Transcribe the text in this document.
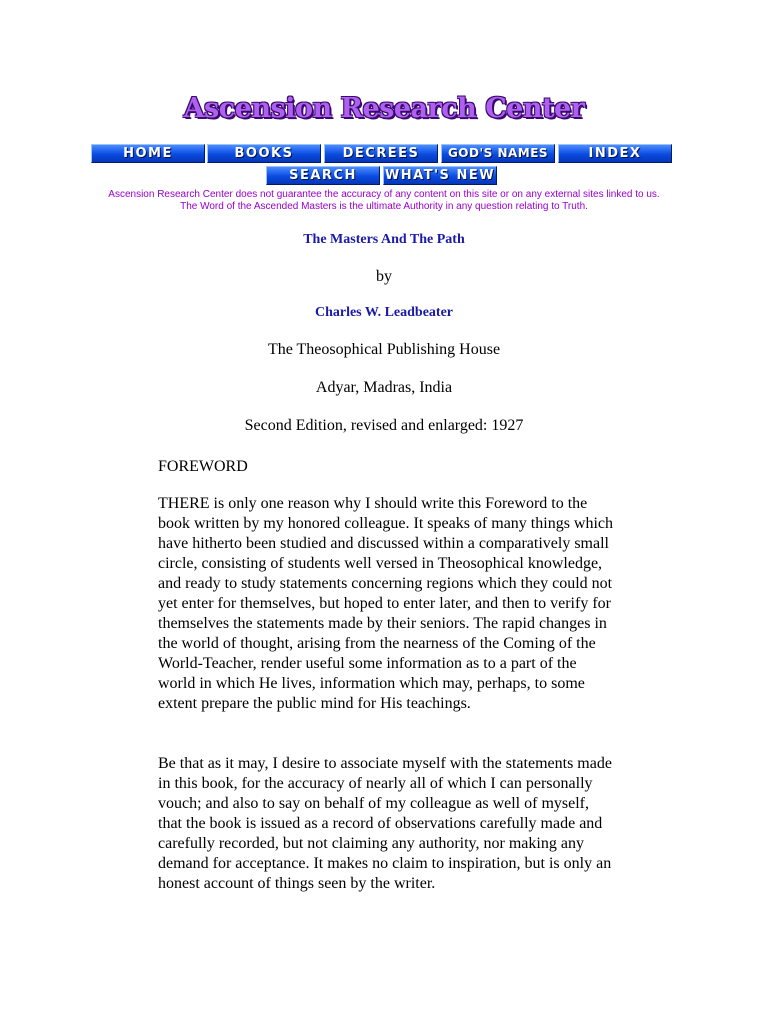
Ascension Research Center
HOME	BOOKS	DECREES	GOD'S NAMES	INDEX
SEARCH	WHAT'S NEW
Ascension Research Center does not guarantee the accuracy of any content on this site or on any external sites linked to us.
The Word of the Ascended Masters is the ultimate Authority in any question relating to Truth.
The Masters And The Path
by
Charles W. Leadbeater
The Theosophical Publishing House
Adyar, Madras, India
Second Edition, revised and enlarged: 1927
FOREWORD
THERE is only one reason why I should write this Foreword to the book written by my honored colleague. It speaks of many things which have hitherto been studied and discussed within a comparatively small circle, consisting of students well versed in Theosophical knowledge, and ready to study statements concerning regions which they could not yet enter for themselves, but hoped to enter later, and then to verify for themselves the statements made by their seniors. The rapid changes in the world of thought, arising from the nearness of the Coming of the World-Teacher, render useful some information as to a part of the world in which He lives, information which may, perhaps, to some extent prepare the public mind for His teachings.
Be that as it may, I desire to associate myself with the statements made in this book, for the accuracy of nearly all of which I can personally vouch; and also to say on behalf of my colleague as well of myself, that the book is issued as a record of observations carefully made and carefully recorded, but not claiming any authority, nor making any demand for acceptance. It makes no claim to inspiration, but is only an honest account of things seen by the writer.
